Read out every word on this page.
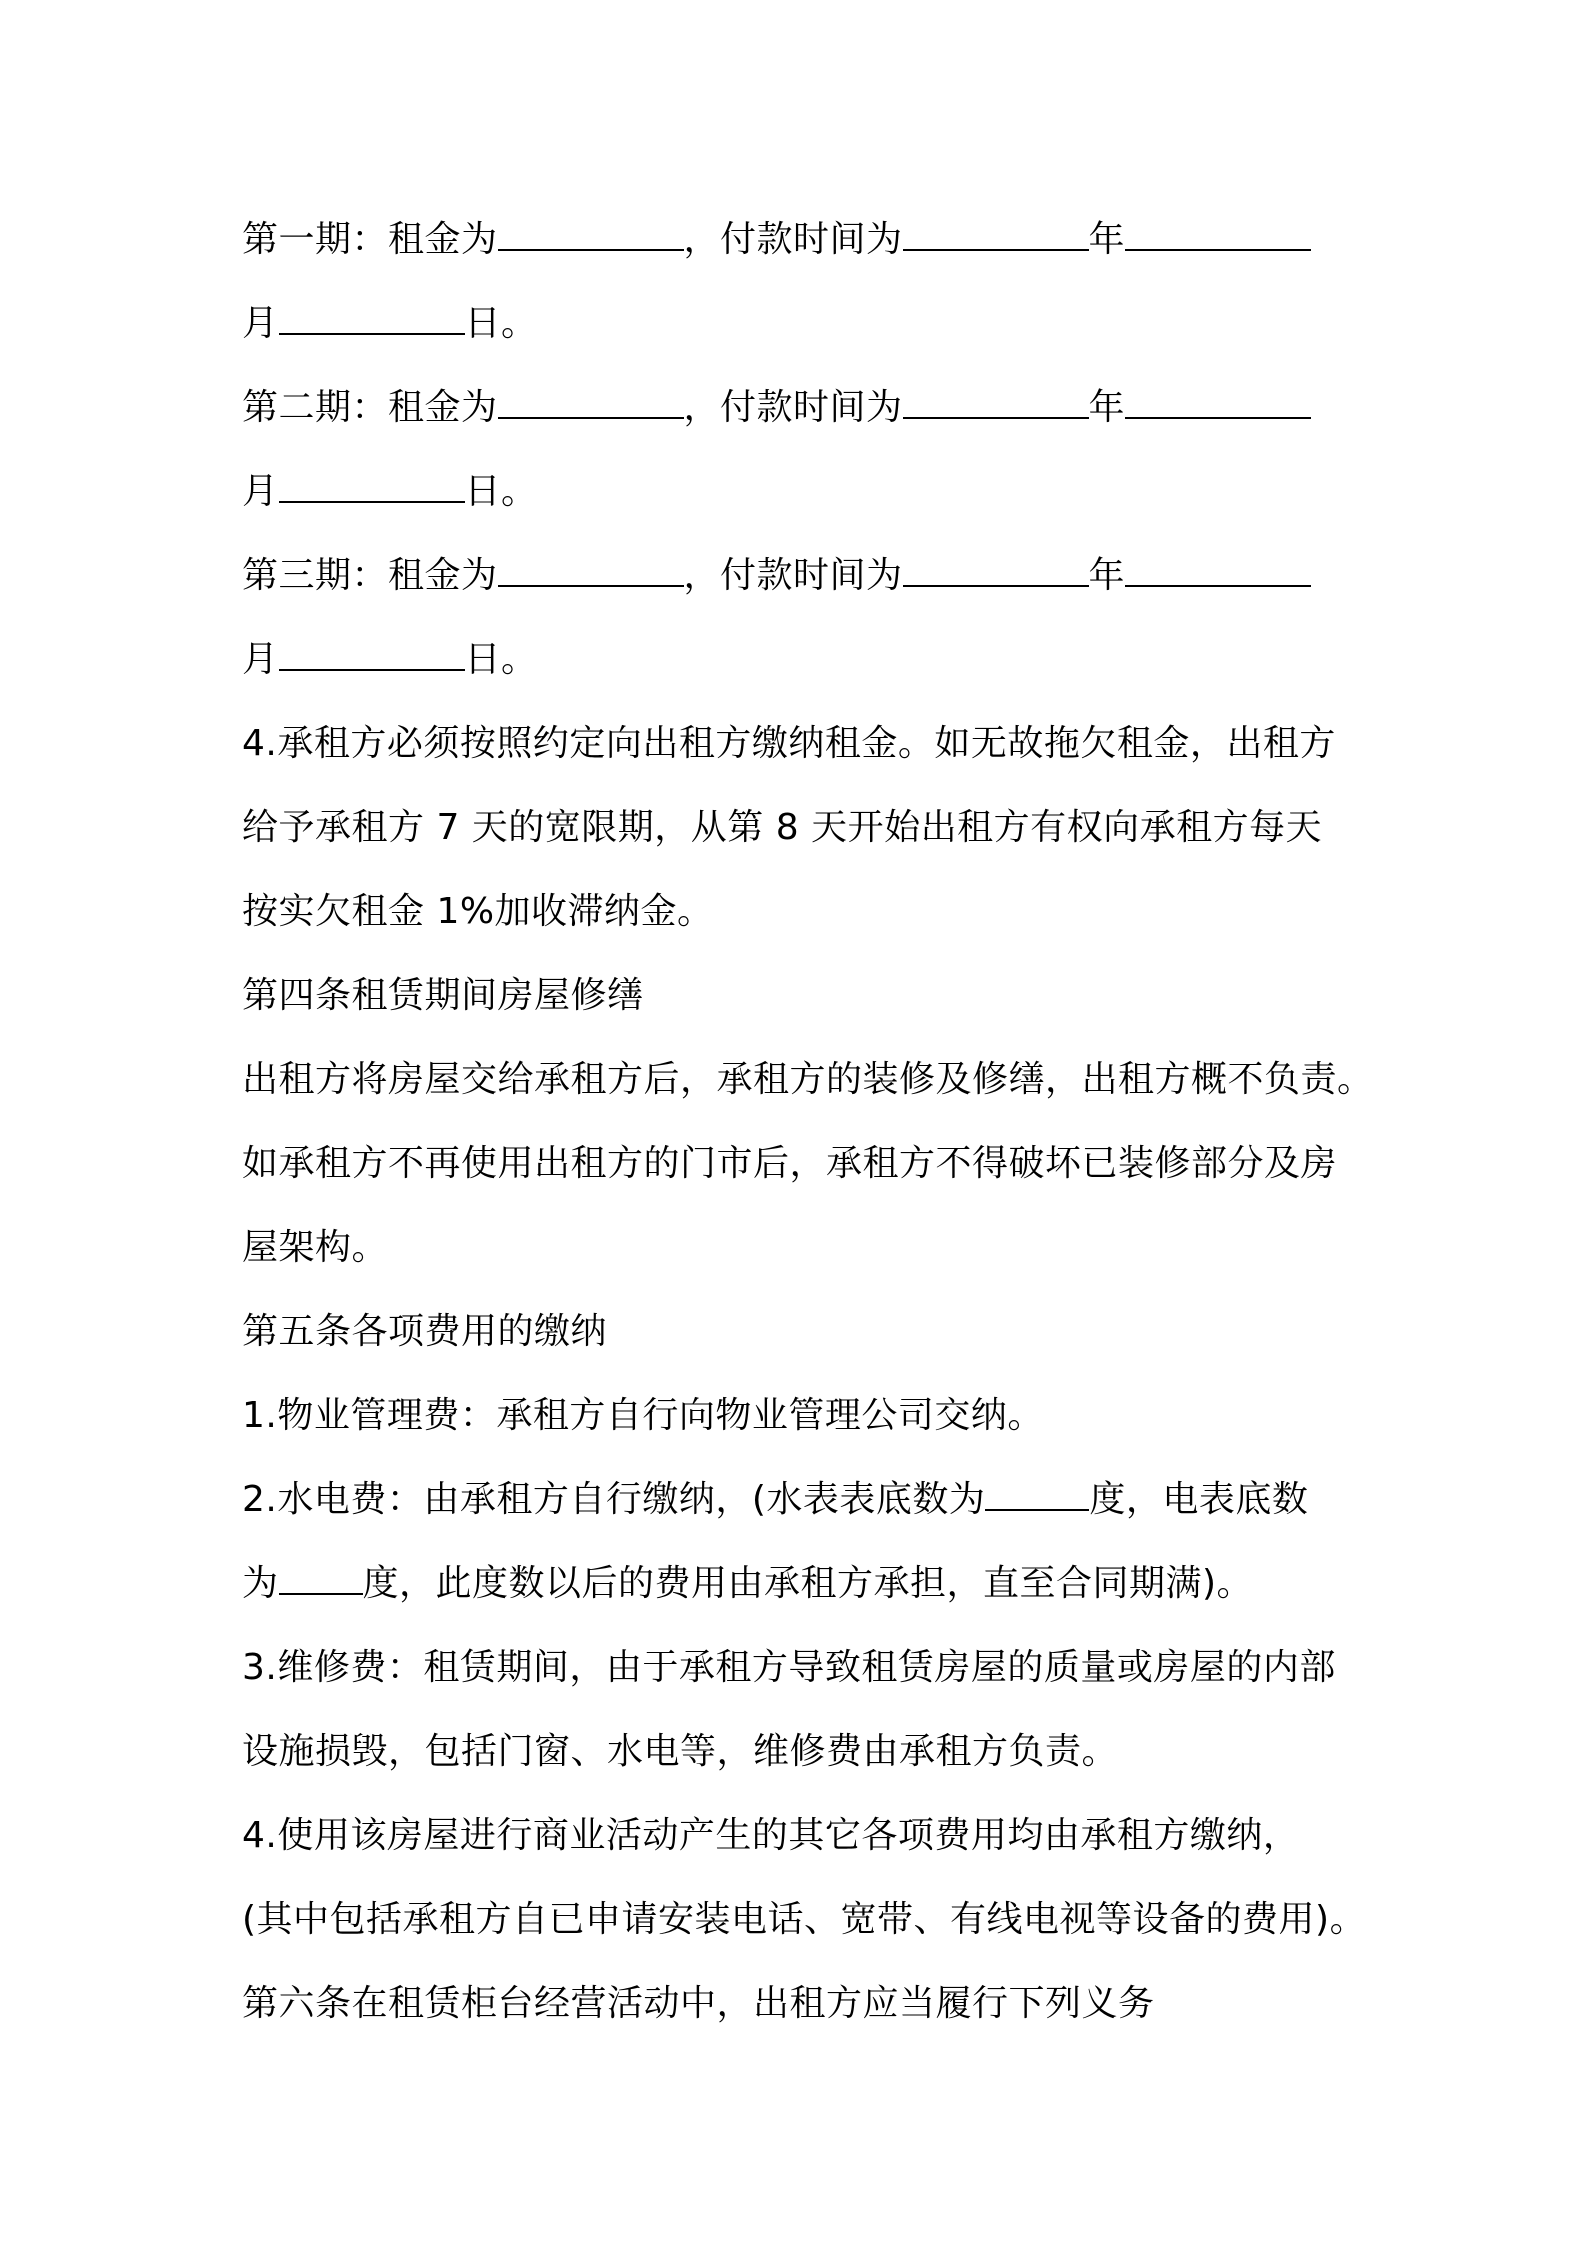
第一期：租金为	，付款时间为	年
月	日。
第二期：租金为	，付款时间为	年
月	日。
第三期：租金为	，付款时间为	年
月	日。
4.承租方必须按照约定向出租方缴纳租金。如无故拖欠租金，出租方
给予承租方 7 天的宽限期，从第 8 天开始出租方有权向承租方每天
按实欠租金 1%加收滞纳金。
第四条租赁期间房屋修缮
出租方将房屋交给承租方后，承租方的装修及修缮，出租方概不负责。
如承租方不再使用出租方的门市后，承租方不得破坏已装修部分及房
屋架构。
第五条各项费用的缴纳
1.物业管理费：承租方自行向物业管理公司交纳。
2.水电费：由承租方自行缴纳，(水表表底数为	度，电表底数
为 度，此度数以后的费用由承租方承担，直至合同期满)。
3.维修费：租赁期间，由于承租方导致租赁房屋的质量或房屋的内部
设施损毁，包括门窗、水电等，维修费由承租方负责。
4.使用该房屋进行商业活动产生的其它各项费用均由承租方缴纳，
(其中包括承租方自已申请安装电话、宽带、有线电视等设备的费用)。
第六条在租赁柜台经营活动中，出租方应当履行下列义务
